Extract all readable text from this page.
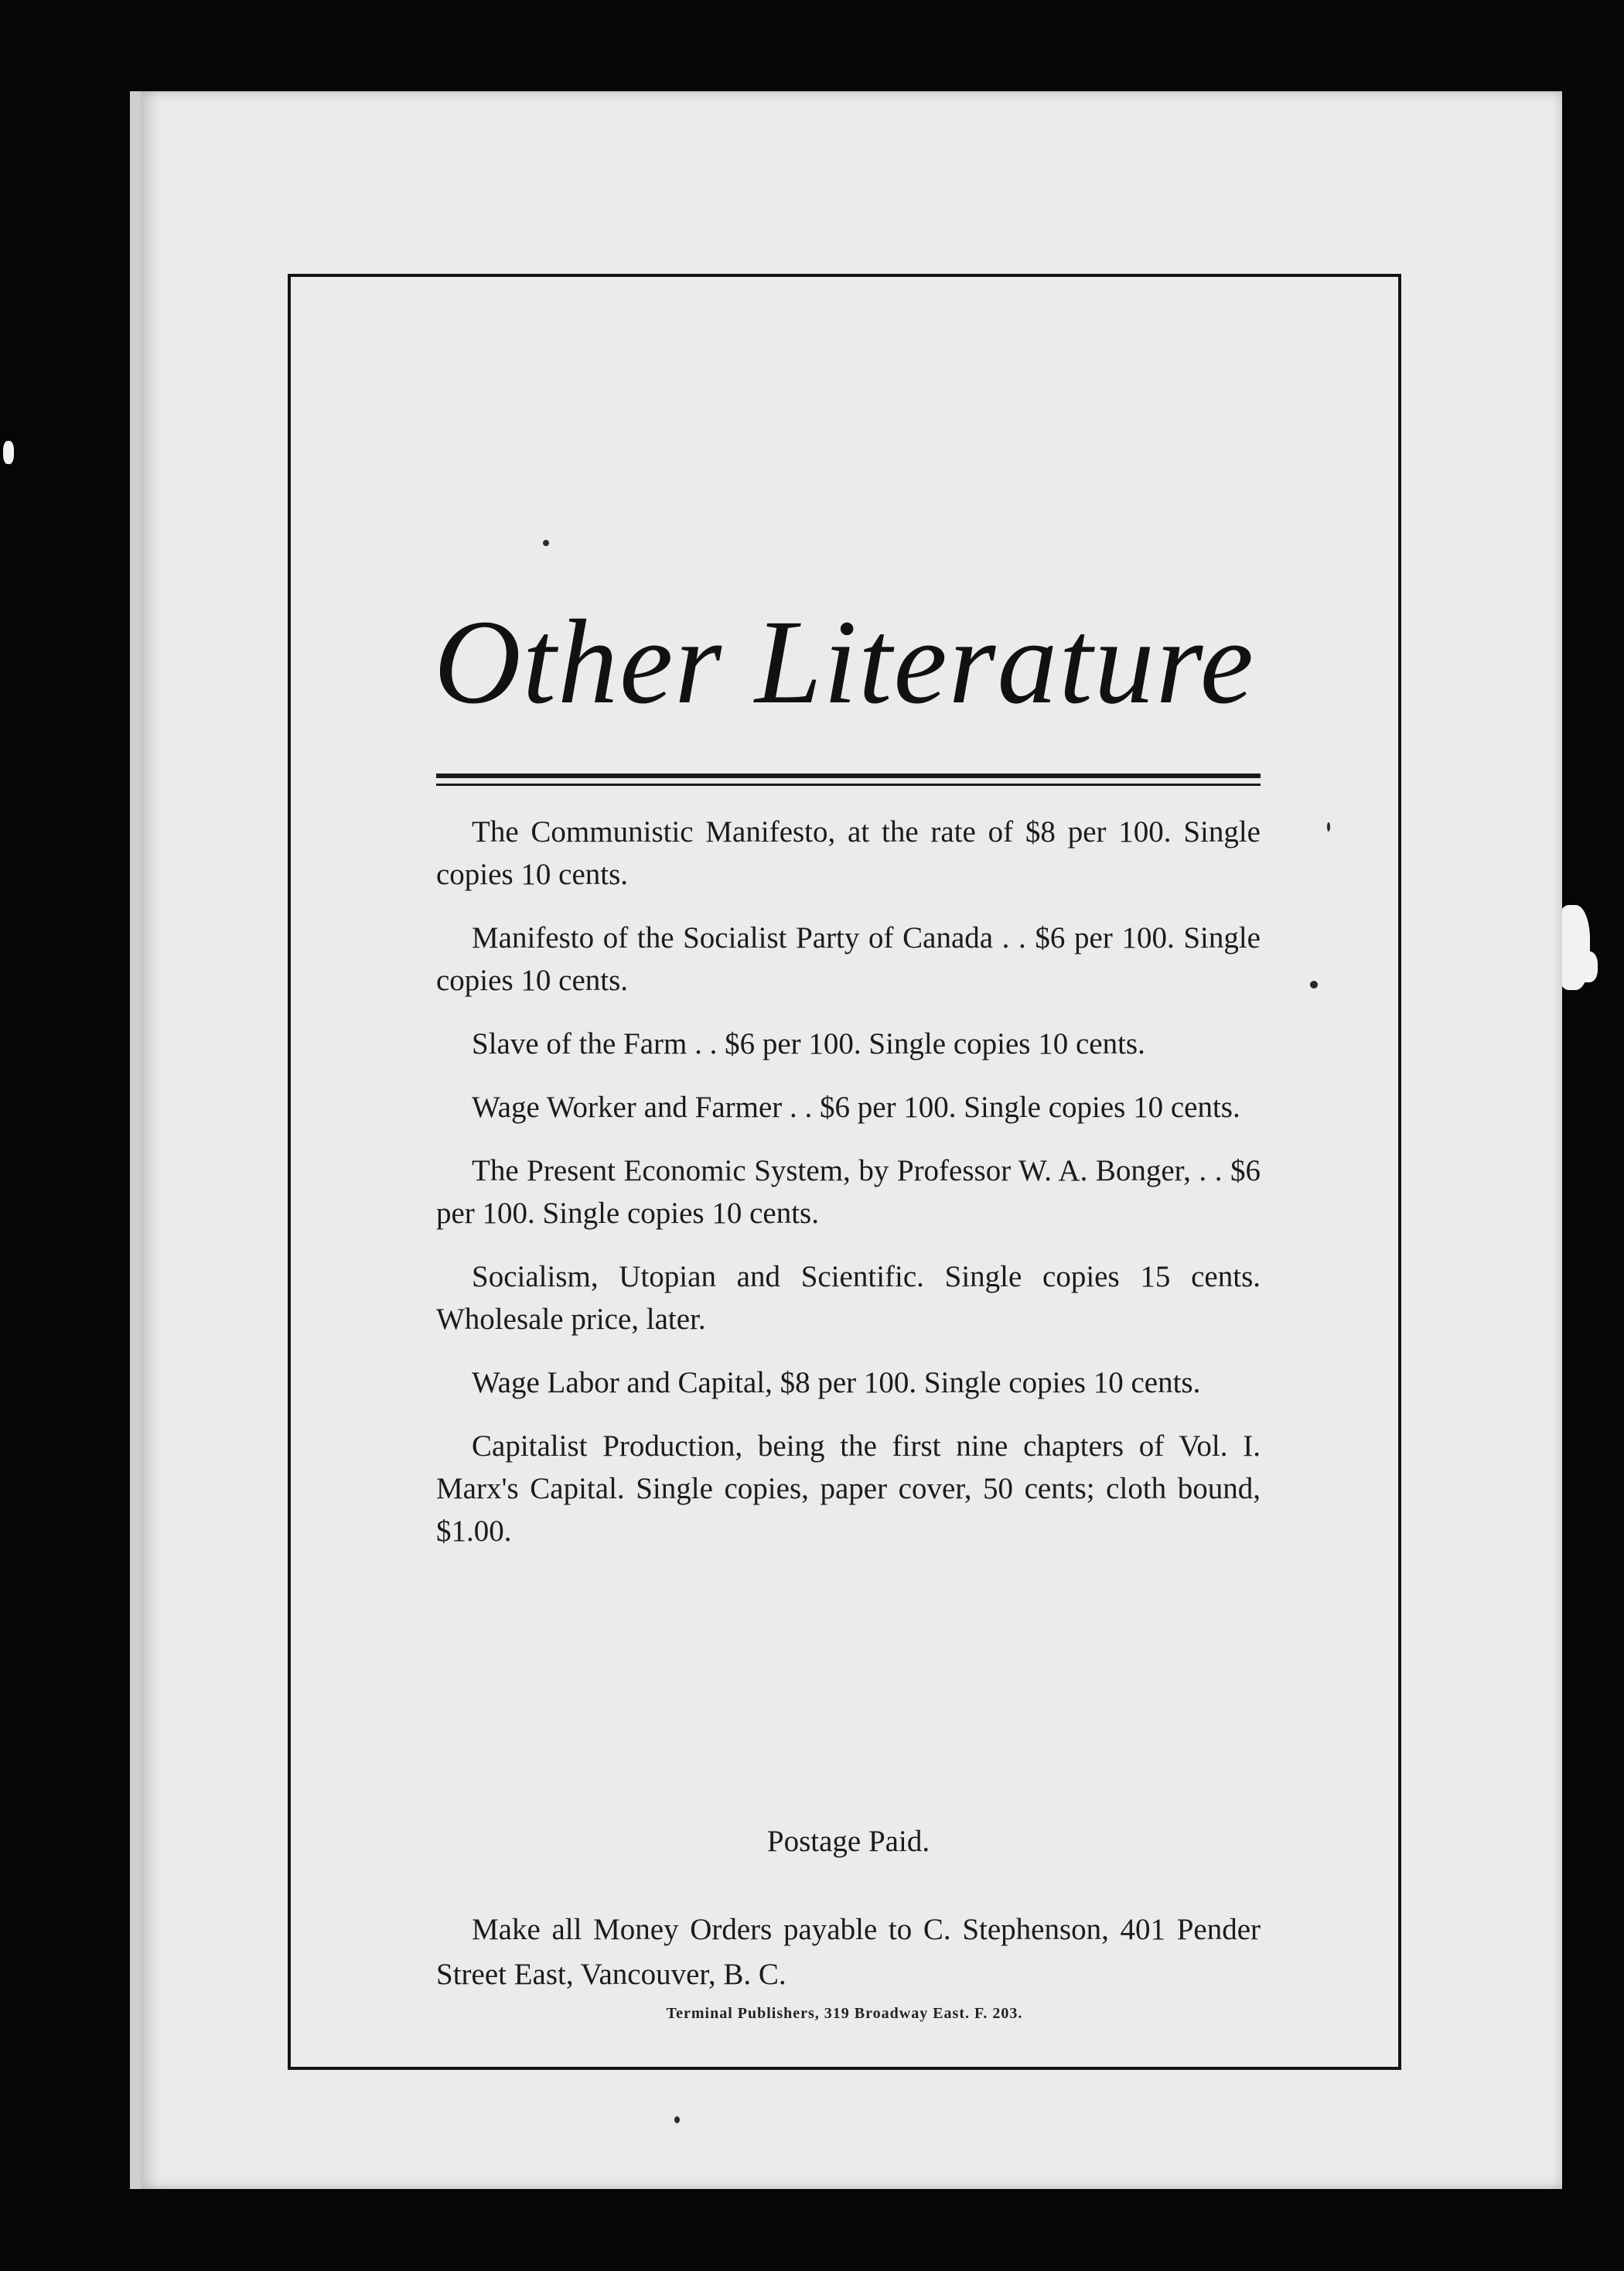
Other Literature

The Communistic Manifesto, at the rate of $8 per 100. Single copies 10 cents.

Manifesto of the Socialist Party of Canada . . $6 per 100. Single copies 10 cents.

Slave of the Farm . . $6 per 100. Single copies 10 cents.

Wage Worker and Farmer . . $6 per 100. Single copies 10 cents.

The Present Economic System, by Professor W. A. Bonger, . . $6 per 100. Single copies 10 cents.

Socialism, Utopian and Scientific. Single copies 15 cents. Wholesale price, later.

Wage Labor and Capital, $8 per 100. Single copies 10 cents.

Capitalist Production, being the first nine chapters of Vol. I. Marx's Capital. Single copies, paper cover, 50 cents; cloth bound, $1.00.

Postage Paid.
Make all Money Orders payable to C. Stephenson, 401 Pender Street East, Vancouver, B. C.
Terminal Publishers, 319 Broadway East. F. 203.
